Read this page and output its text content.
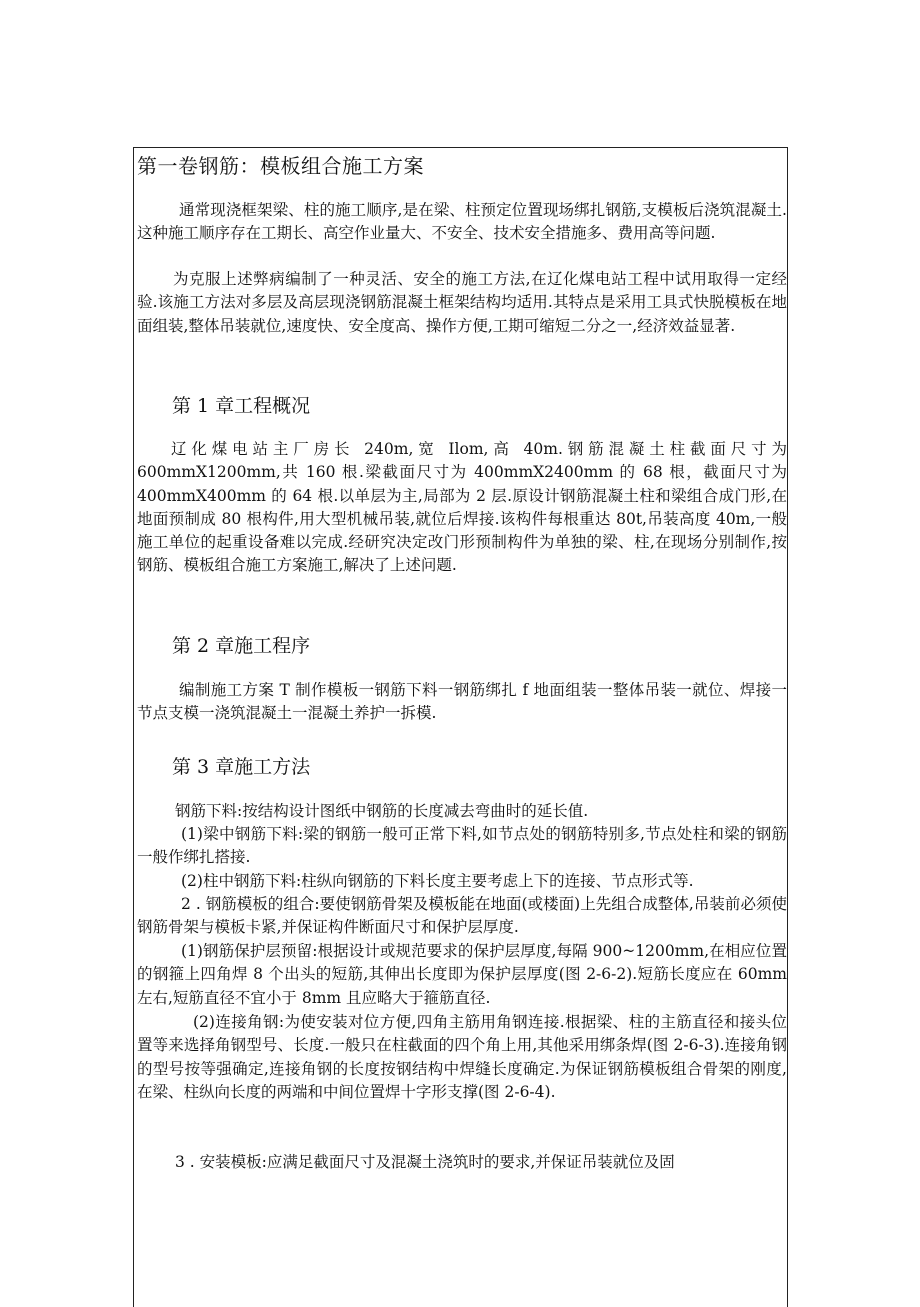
第一卷钢筋：模板组合施工方案
通常现浇框架梁、柱的施工顺序,是在梁、柱预定位置现场绑扎钢筋,支模板后浇筑混凝土.这种施工顺序存在工期长、高空作业量大、不安全、技术安全措施多、费用高等问题.
为克服上述弊病编制了一种灵活、安全的施工方法,在辽化煤电站工程中试用取得一定经验.该施工方法对多层及高层现浇钢筋混凝土框架结构均适用.其特点是采用工具式快脱模板在地面组装,整体吊装就位,速度快、安全度高、操作方便,工期可缩短二分之一,经济效益显著.
第 1 章工程概况
辽化煤电站主厂房长 240m,宽 Ilom,高 40m.钢筋混凝土柱截面尺寸为 600mmX1200mm,共 160 根.梁截面尺寸为 400mmX2400mm 的 68 根，截面尺寸为 400mmX400mm 的 64 根.以单层为主,局部为 2 层.原设计钢筋混凝土柱和梁组合成门形,在地面预制成 80 根构件,用大型机械吊装,就位后焊接.该构件每根重达 80t,吊装高度 40m,一般施工单位的起重设备难以完成.经研究决定改门形预制构件为单独的梁、柱,在现场分别制作,按钢筋、模板组合施工方案施工,解决了上述问题.
第 2 章施工程序
编制施工方案 T 制作模板一钢筋下料一钢筋绑扎 f 地面组装一整体吊装一就位、焊接一节点支模一浇筑混凝土一混凝土养护一拆模.
第 3 章施工方法
钢筋下料:按结构设计图纸中钢筋的长度减去弯曲时的延长值.
(1)梁中钢筋下料:梁的钢筋一般可正常下料,如节点处的钢筋特别多,节点处柱和梁的钢筋一般作绑扎搭接.
(2)柱中钢筋下料:柱纵向钢筋的下料长度主要考虑上下的连接、节点形式等.
2 . 钢筋模板的组合:要使钢筋骨架及模板能在地面(或楼面)上先组合成整体,吊装前必须使钢筋骨架与模板卡紧,并保证构件断面尺寸和保护层厚度.
(1)钢筋保护层预留:根据设计或规范要求的保护层厚度,每隔 900~1200mm,在相应位置的钢箍上四角焊 8 个出头的短筋,其伸出长度即为保护层厚度(图 2-6-2).短筋长度应在 60mm 左右,短筋直径不宜小于 8mm 且应略大于箍筋直径.
(2)连接角钢:为使安装对位方便,四角主筋用角钢连接.根据梁、柱的主筋直径和接头位置等来选择角钢型号、长度.一般只在柱截面的四个角上用,其他采用绑条焊(图 2-6-3).连接角钢的型号按等强确定,连接角钢的长度按钢结构中焊缝长度确定.为保证钢筋模板组合骨架的刚度,在梁、柱纵向长度的两端和中间位置焊十字形支撑(图 2-6-4).
3 . 安装模板:应满足截面尺寸及混凝土浇筑时的要求,并保证吊装就位及固
